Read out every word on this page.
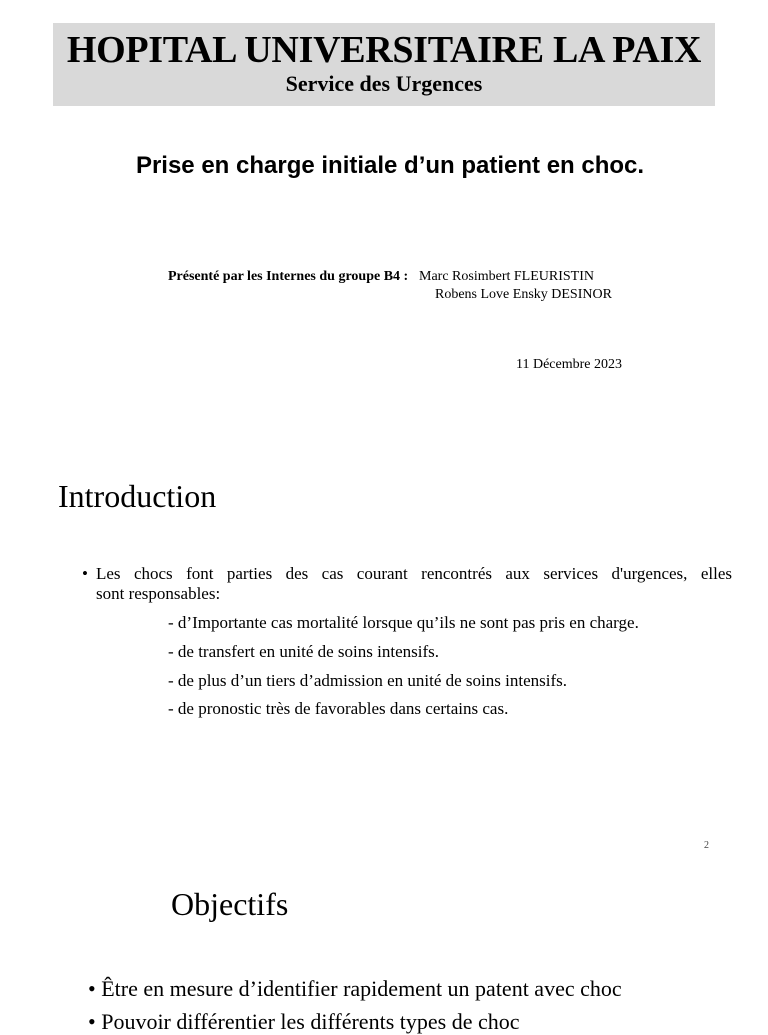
HOPITAL UNIVERSITAIRE LA PAIX
Service des Urgences
Prise en charge initiale d’un patient en choc.
Présenté par les Internes du groupe B4 : Marc Rosimbert FLEURISTIN
Robens Love Ensky DESINOR
11 Décembre 2023
Introduction
• Les chocs font parties des cas courant rencontrés aux services d'urgences, elles
sont responsables:
- d’Importante cas mortalité lorsque qu’ils ne sont pas pris en charge.
- de transfert en unité de soins intensifs.
- de plus d’un tiers d’admission en unité de soins intensifs.
- de pronostic très de favorables dans certains cas.
2
Objectifs
• Être en mesure d’identifier rapidement un patent avec choc
• Pouvoir différentier les différents types de choc
